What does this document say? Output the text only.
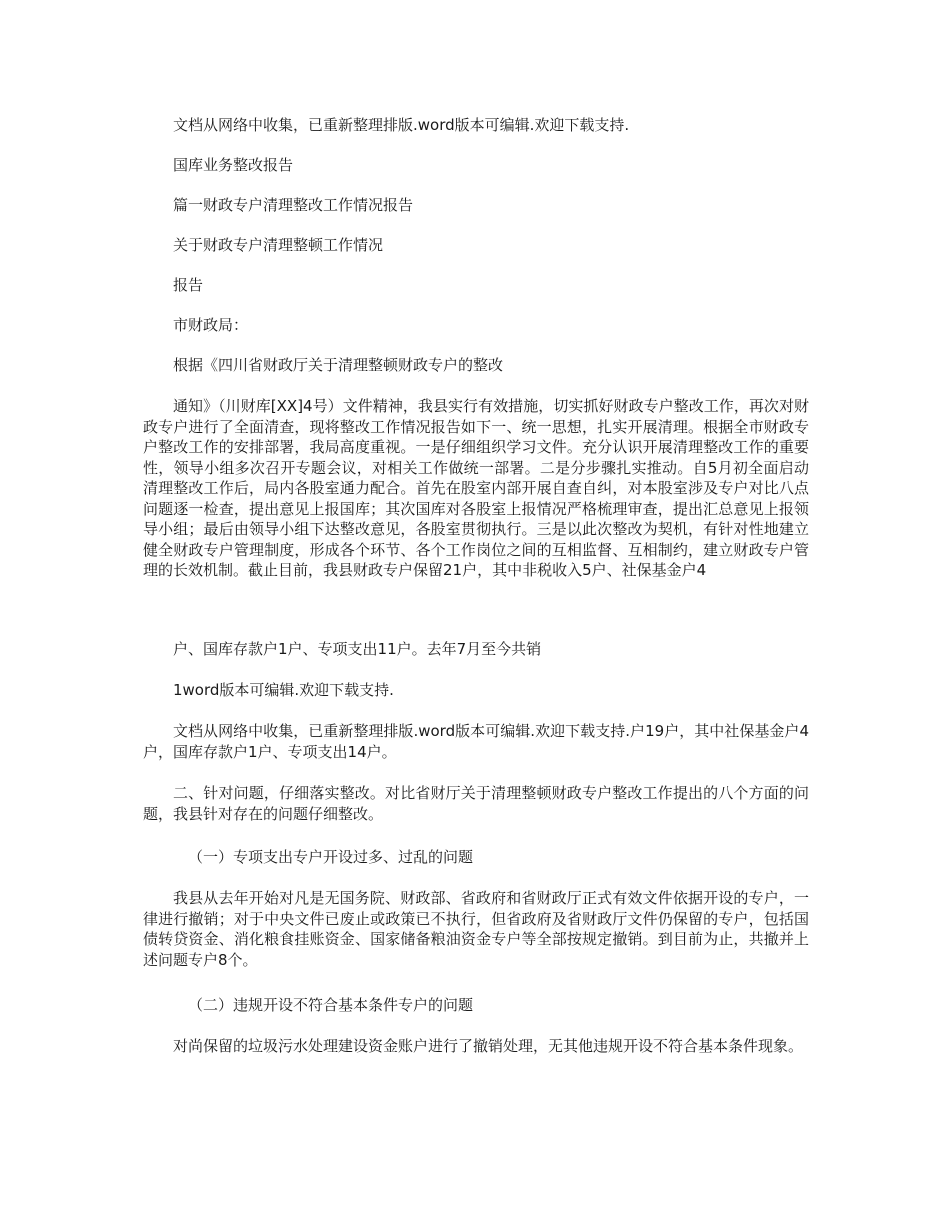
文档从网络中收集，已重新整理排版.word版本可编辑.欢迎下载支持.

国库业务整改报告

篇一财政专户清理整改工作情况报告

关于财政专户清理整顿工作情况

报告

市财政局：

根据《四川省财政厅关于清理整顿财政专户的整改

通知》（川财库[XX]4号）文件精神，我县实行有效措施，切实抓好财政专户整改工作，再次对财政专户进行了全面清查，现将整改工作情况报告如下一、统一思想，扎实开展清理。根据全市财政专户整改工作的安排部署，我局高度重视。一是仔细组织学习文件。充分认识开展清理整改工作的重要性，领导小组多次召开专题会议，对相关工作做统一部署。二是分步骤扎实推动。自5月初全面启动清理整改工作后，局内各股室通力配合。首先在股室内部开展自查自纠，对本股室涉及专户对比八点问题逐一检查，提出意见上报国库；其次国库对各股室上报情况严格梳理审查，提出汇总意见上报领导小组；最后由领导小组下达整改意见，各股室贯彻执行。三是以此次整改为契机，有针对性地建立健全财政专户管理制度，形成各个环节、各个工作岗位之间的互相监督、互相制约，建立财政专户管理的长效机制。截止目前，我县财政专户保留21户，其中非税收入5户、社保基金户4

户、国库存款户1户、专项支出11户。去年7月至今共销

1word版本可编辑.欢迎下载支持.

文档从网络中收集，已重新整理排版.word版本可编辑.欢迎下载支持.户19户，其中社保基金户4户，国库存款户1户、专项支出14户。

二、针对问题，仔细落实整改。对比省财厅关于清理整顿财政专户整改工作提出的八个方面的问题，我县针对存在的问题仔细整改。

（一）专项支出专户开设过多、过乱的问题

我县从去年开始对凡是无国务院、财政部、省政府和省财政厅正式有效文件依据开设的专户，一律进行撤销；对于中央文件已废止或政策已不执行，但省政府及省财政厅文件仍保留的专户，包括国债转贷资金、消化粮食挂账资金、国家储备粮油资金专户等全部按规定撤销。到目前为止，共撤并上述问题专户8个。

（二）违规开设不符合基本条件专户的问题

对尚保留的垃圾污水处理建设资金账户进行了撤销处理，无其他违规开设不符合基本条件现象。
